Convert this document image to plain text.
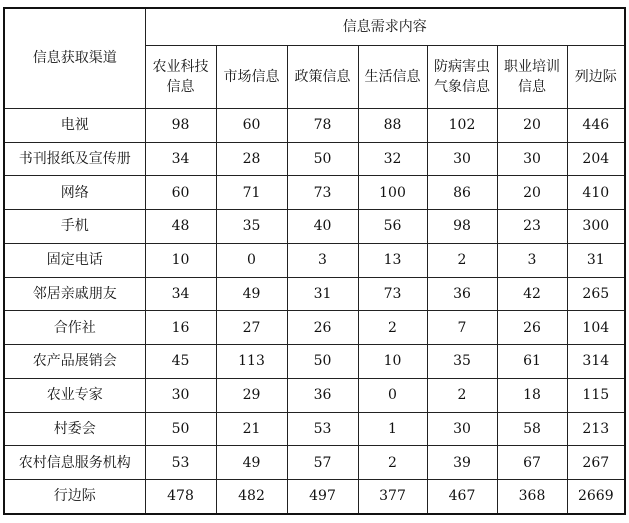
信息获取渠道	信息需求内容						
	农业科技信息	市场信息	政策信息	生活信息	防病害虫气象信息	职业培训信息	列边际
电视	98	60	78	88	102	20	446
书刊报纸及宣传册	34	28	50	32	30	30	204
网络	60	71	73	100	86	20	410
手机	48	35	40	56	98	23	300
固定电话	10	0	3	13	2	3	31
邻居亲戚朋友	34	49	31	73	36	42	265
合作社	16	27	26	2	7	26	104
农产品展销会	45	113	50	10	35	61	314
农业专家	30	29	36	0	2	18	115
村委会	50	21	53	1	30	58	213
农村信息服务机构	53	49	57	2	39	67	267
行边际	478	482	497	377	467	368	2669
